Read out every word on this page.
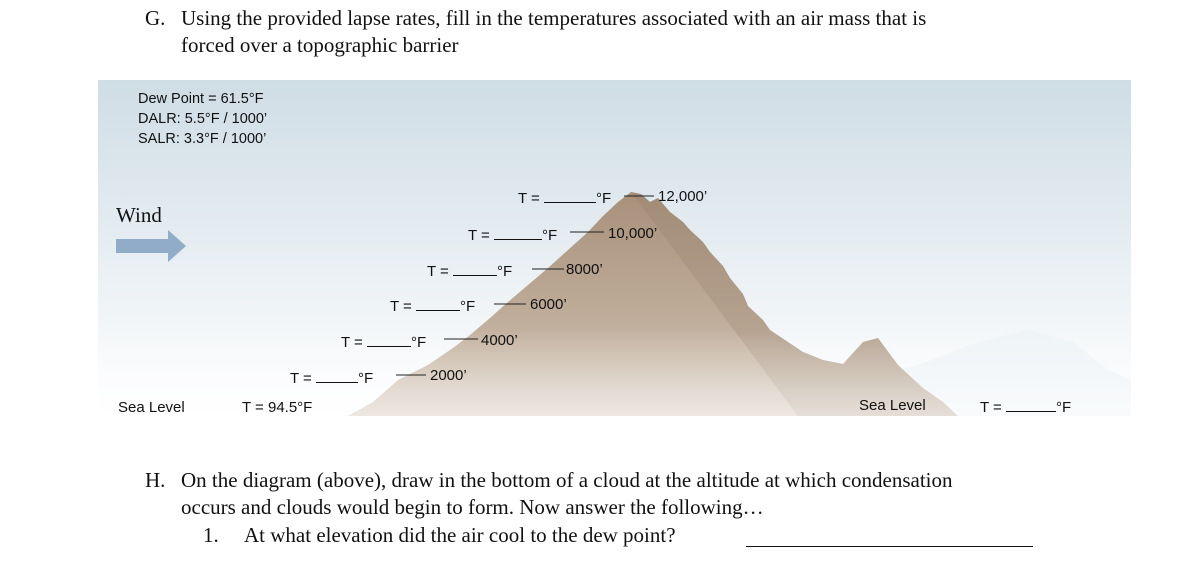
G. Using the provided lapse rates, fill in the temperatures associated with an air mass that is
forced over a topographic barrier
Dew Point = 61.5°F
DALR: 5.5°F / 1000’
SALR: 3.3°F / 1000’
Wind
T =	°F	2000’
T =	°F	4000’
T =	°F	6000’
T =	°F	8000’
T =	°F	10,000’
T =	°F	12,000’
Sea Level	T = 94.5°F	Sea Level	T =	°F
H. On the diagram (above), draw in the bottom of a cloud at the altitude at which condensation
occurs and clouds would begin to form. Now answer the following…
1. At what elevation did the air cool to the dew point?
